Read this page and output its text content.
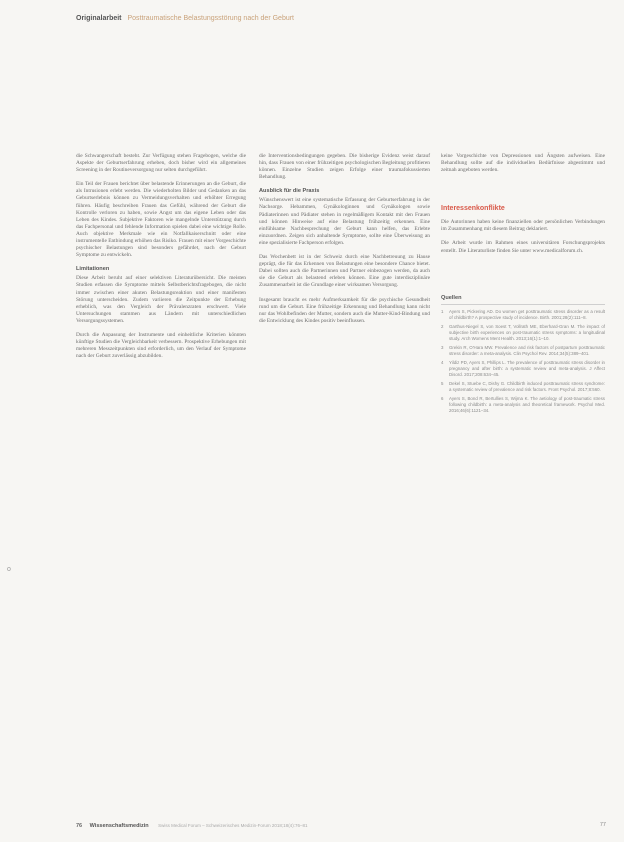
Originalarbeit Posttraumatische Belastungsstörung nach der Geburt
o

die Schwangerschaft besteht. Zur Verfügung stehen Fragebogen, welche die Aspekte der Geburtserfahrung erheben, doch bisher wird ein allgemeines Screening in der Routineversorgung nur selten durchgeführt.

Ein Teil der Frauen berichtet über belastende Erinnerungen an die Geburt, die als Intrusionen erlebt werden. Die wiederholten Bilder und Gedanken an das Geburtserlebnis können zu Vermeidungsverhalten und erhöhter Erregung führen. Häufig beschreiben Frauen das Gefühl, während der Geburt die Kontrolle verloren zu haben, sowie Angst um das eigene Leben oder das Leben des Kindes. Subjektive Faktoren wie mangelnde Unterstützung durch das Fachpersonal und fehlende Information spielen dabei eine wichtige Rolle. Auch objektive Merkmale wie ein Notfallkaiserschnitt oder eine instrumentelle Entbindung erhöhen das Risiko. Frauen mit einer Vorgeschichte psychischer Belastungen sind besonders gefährdet, nach der Geburt Symptome zu entwickeln.

Limitationen

Diese Arbeit beruht auf einer selektiven Literaturübersicht. Die meisten Studien erfassen die Symptome mittels Selbstberichtsfragebogen, die nicht immer zwischen einer akuten Belastungsreaktion und einer manifesten Störung unterscheiden. Zudem variieren die Zeitpunkte der Erhebung erheblich, was den Vergleich der Prävalenzraten erschwert. Viele Untersuchungen stammen aus Ländern mit unterschiedlichen Versorgungssystemen.

Durch die Anpassung der Instrumente und einheitliche Kriterien könnten künftige Studien die Vergleichbarkeit verbessern. Prospektive Erhebungen mit mehreren Messzeitpunkten sind erforderlich, um den Verlauf der Symptome nach der Geburt zuverlässig abzubilden.

die Interventionsbedingungen gegeben. Die bisherige Evidenz weist darauf hin, dass Frauen von einer frühzeitigen psychologischen Begleitung profitieren können. Einzelne Studien zeigen Erfolge einer traumafokussierten Behandlung.

Ausblick für die Praxis

Wünschenswert ist eine systematische Erfassung der Geburtserfahrung in der Nachsorge. Hebammen, Gynäkologinnen und Gynäkologen sowie Pädiaterinnen und Pädiater stehen in regelmäßigem Kontakt mit den Frauen und können Hinweise auf eine Belastung frühzeitig erkennen. Eine einfühlsame Nachbesprechung der Geburt kann helfen, das Erlebte einzuordnen. Zeigen sich anhaltende Symptome, sollte eine Überweisung an eine spezialisierte Fachperson erfolgen.

Das Wochenbett ist in der Schweiz durch eine Nachbetreuung zu Hause geprägt, die für das Erkennen von Belastungen eine besondere Chance bietet. Dabei sollten auch die Partnerinnen und Partner einbezogen werden, da auch sie die Geburt als belastend erleben können. Eine gute interdisziplinäre Zusammenarbeit ist die Grundlage einer wirksamen Versorgung.

Insgesamt braucht es mehr Aufmerksamkeit für die psychische Gesundheit rund um die Geburt. Eine frühzeitige Erkennung und Behandlung kann nicht nur das Wohlbefinden der Mutter, sondern auch die Mutter-Kind-Bindung und die Entwicklung des Kindes positiv beeinflussen.

keine Vorgeschichte von Depressionen und Ängsten aufweisen. Eine Behandlung sollte auf die individuellen Bedürfnisse abgestimmt und zeitnah angeboten werden.

Interessenkonflikte

Die Autorinnen haben keine finanziellen oder persönlichen Verbindungen im Zusammenhang mit diesem Beitrag deklariert.

Die Arbeit wurde im Rahmen eines universitären Forschungsprojekts erstellt. Die Literaturliste finden Sie unter www.medicalforum.ch.

Quellen
1 Ayers S, Pickering AD. Do women get posttraumatic stress disorder as a result of childbirth? A prospective study of incidence. Birth. 2001;28(2):111–8.
2 Garthus-Niegel S, von Soest T, Vollrath ME, Eberhard-Gran M. The impact of subjective birth experiences on post-traumatic stress symptoms: a longitudinal study. Arch Womens Ment Health. 2013;16(1):1–10.
3 Grekin R, O'Hara MW. Prevalence and risk factors of postpartum posttraumatic stress disorder: a meta-analysis. Clin Psychol Rev. 2014;34(5):389–401.
4 Yildiz PD, Ayers S, Phillips L. The prevalence of posttraumatic stress disorder in pregnancy and after birth: a systematic review and meta-analysis. J Affect Disord. 2017;208:634–45.
5 Dekel S, Stuebe C, Dishy G. Childbirth induced posttraumatic stress syndrome: a systematic review of prevalence and risk factors. Front Psychol. 2017;8:560.
6 Ayers S, Bond R, Bertullies S, Wijma K. The aetiology of post-traumatic stress following childbirth: a meta-analysis and theoretical framework. Psychol Med. 2016;46(6):1121–34.
76 Wissenschaftsmedizin Swiss Medical Forum – Schweizerisches Medizin-Forum 2018;18(4):76–81	77
